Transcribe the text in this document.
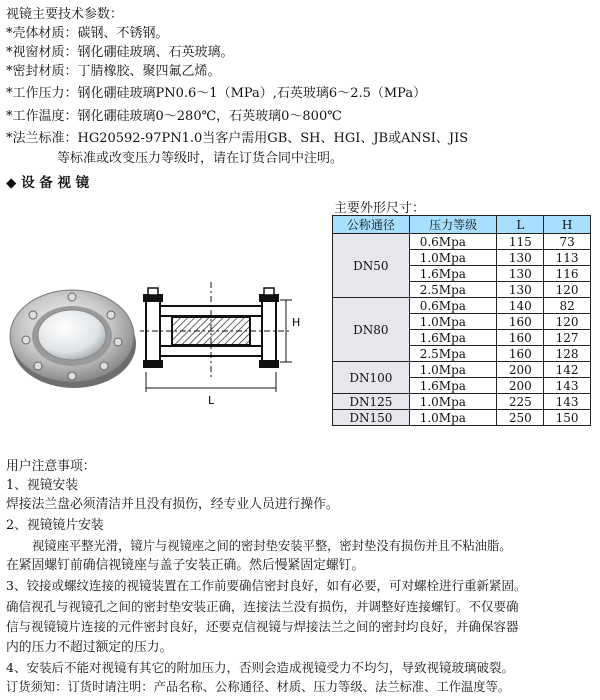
视镜主要技术参数：
*壳体材质：碳钢、不锈钢。
*视窗材质：钢化硼硅玻璃、石英玻璃。
*密封材质：丁腈橡胶、聚四氟乙烯。
*工作压力：钢化硼硅玻璃PN0.6～1（MPa）,石英玻璃6～2.5（MPa）
*工作温度：钢化硼硅玻璃0～280℃，石英玻璃0～800℃
*法兰标准：HG20592-97PN1.0当客户需用GB、SH、HGI、JB或ANSI、JIS
等标准或改变压力等级时，请在订货合同中注明。
◆ 设 备 视 镜
H
L
主要外形尺寸：
公称通径	压力等级	L	H
DN50	0.6Mpa	115	73
	1.0Mpa	130	113
	1.6Mpa	130	116
	2.5Mpa	130	120
DN80	0.6Mpa	140	82
	1.0Mpa	160	120
	1.6Mpa	160	127
	2.5Mpa	160	128
DN100	1.0Mpa	200	142
	1.6Mpa	200	143
DN125	1.0Mpa	225	143
DN150	1.0Mpa	250	150
用户注意事项：
1、视镜安装
焊接法兰盘必须清洁并且没有损伤，经专业人员进行操作。
2、视镜镜片安装
视镜座平整光滑，镜片与视镜座之间的密封垫安装平整，密封垫没有损伤并且不粘油脂。
在紧固螺钉前确信视镜座与盖子安装正确。然后慢紧固定螺钉。
3、铰接或螺纹连接的视镜装置在工作前要确信密封良好，如有必要，可对螺栓进行重新紧固。
确信视孔与视镜孔之间的密封垫安装正确，连接法兰没有损伤，并调整好连接螺钉。不仅要确
信与视镜镜片连接的元件密封良好，还要克信视镜与焊接法兰之间的密封均良好，并确保容器
内的压力不超过额定的压力。
4、安装后不能对视镜有其它的附加压力，否则会造成视镜受力不均匀，导致视镜玻璃破裂。
订货须知：订货时请注明：产品名称、公称通径、材质、压力等级、法兰标准、工作温度等。
